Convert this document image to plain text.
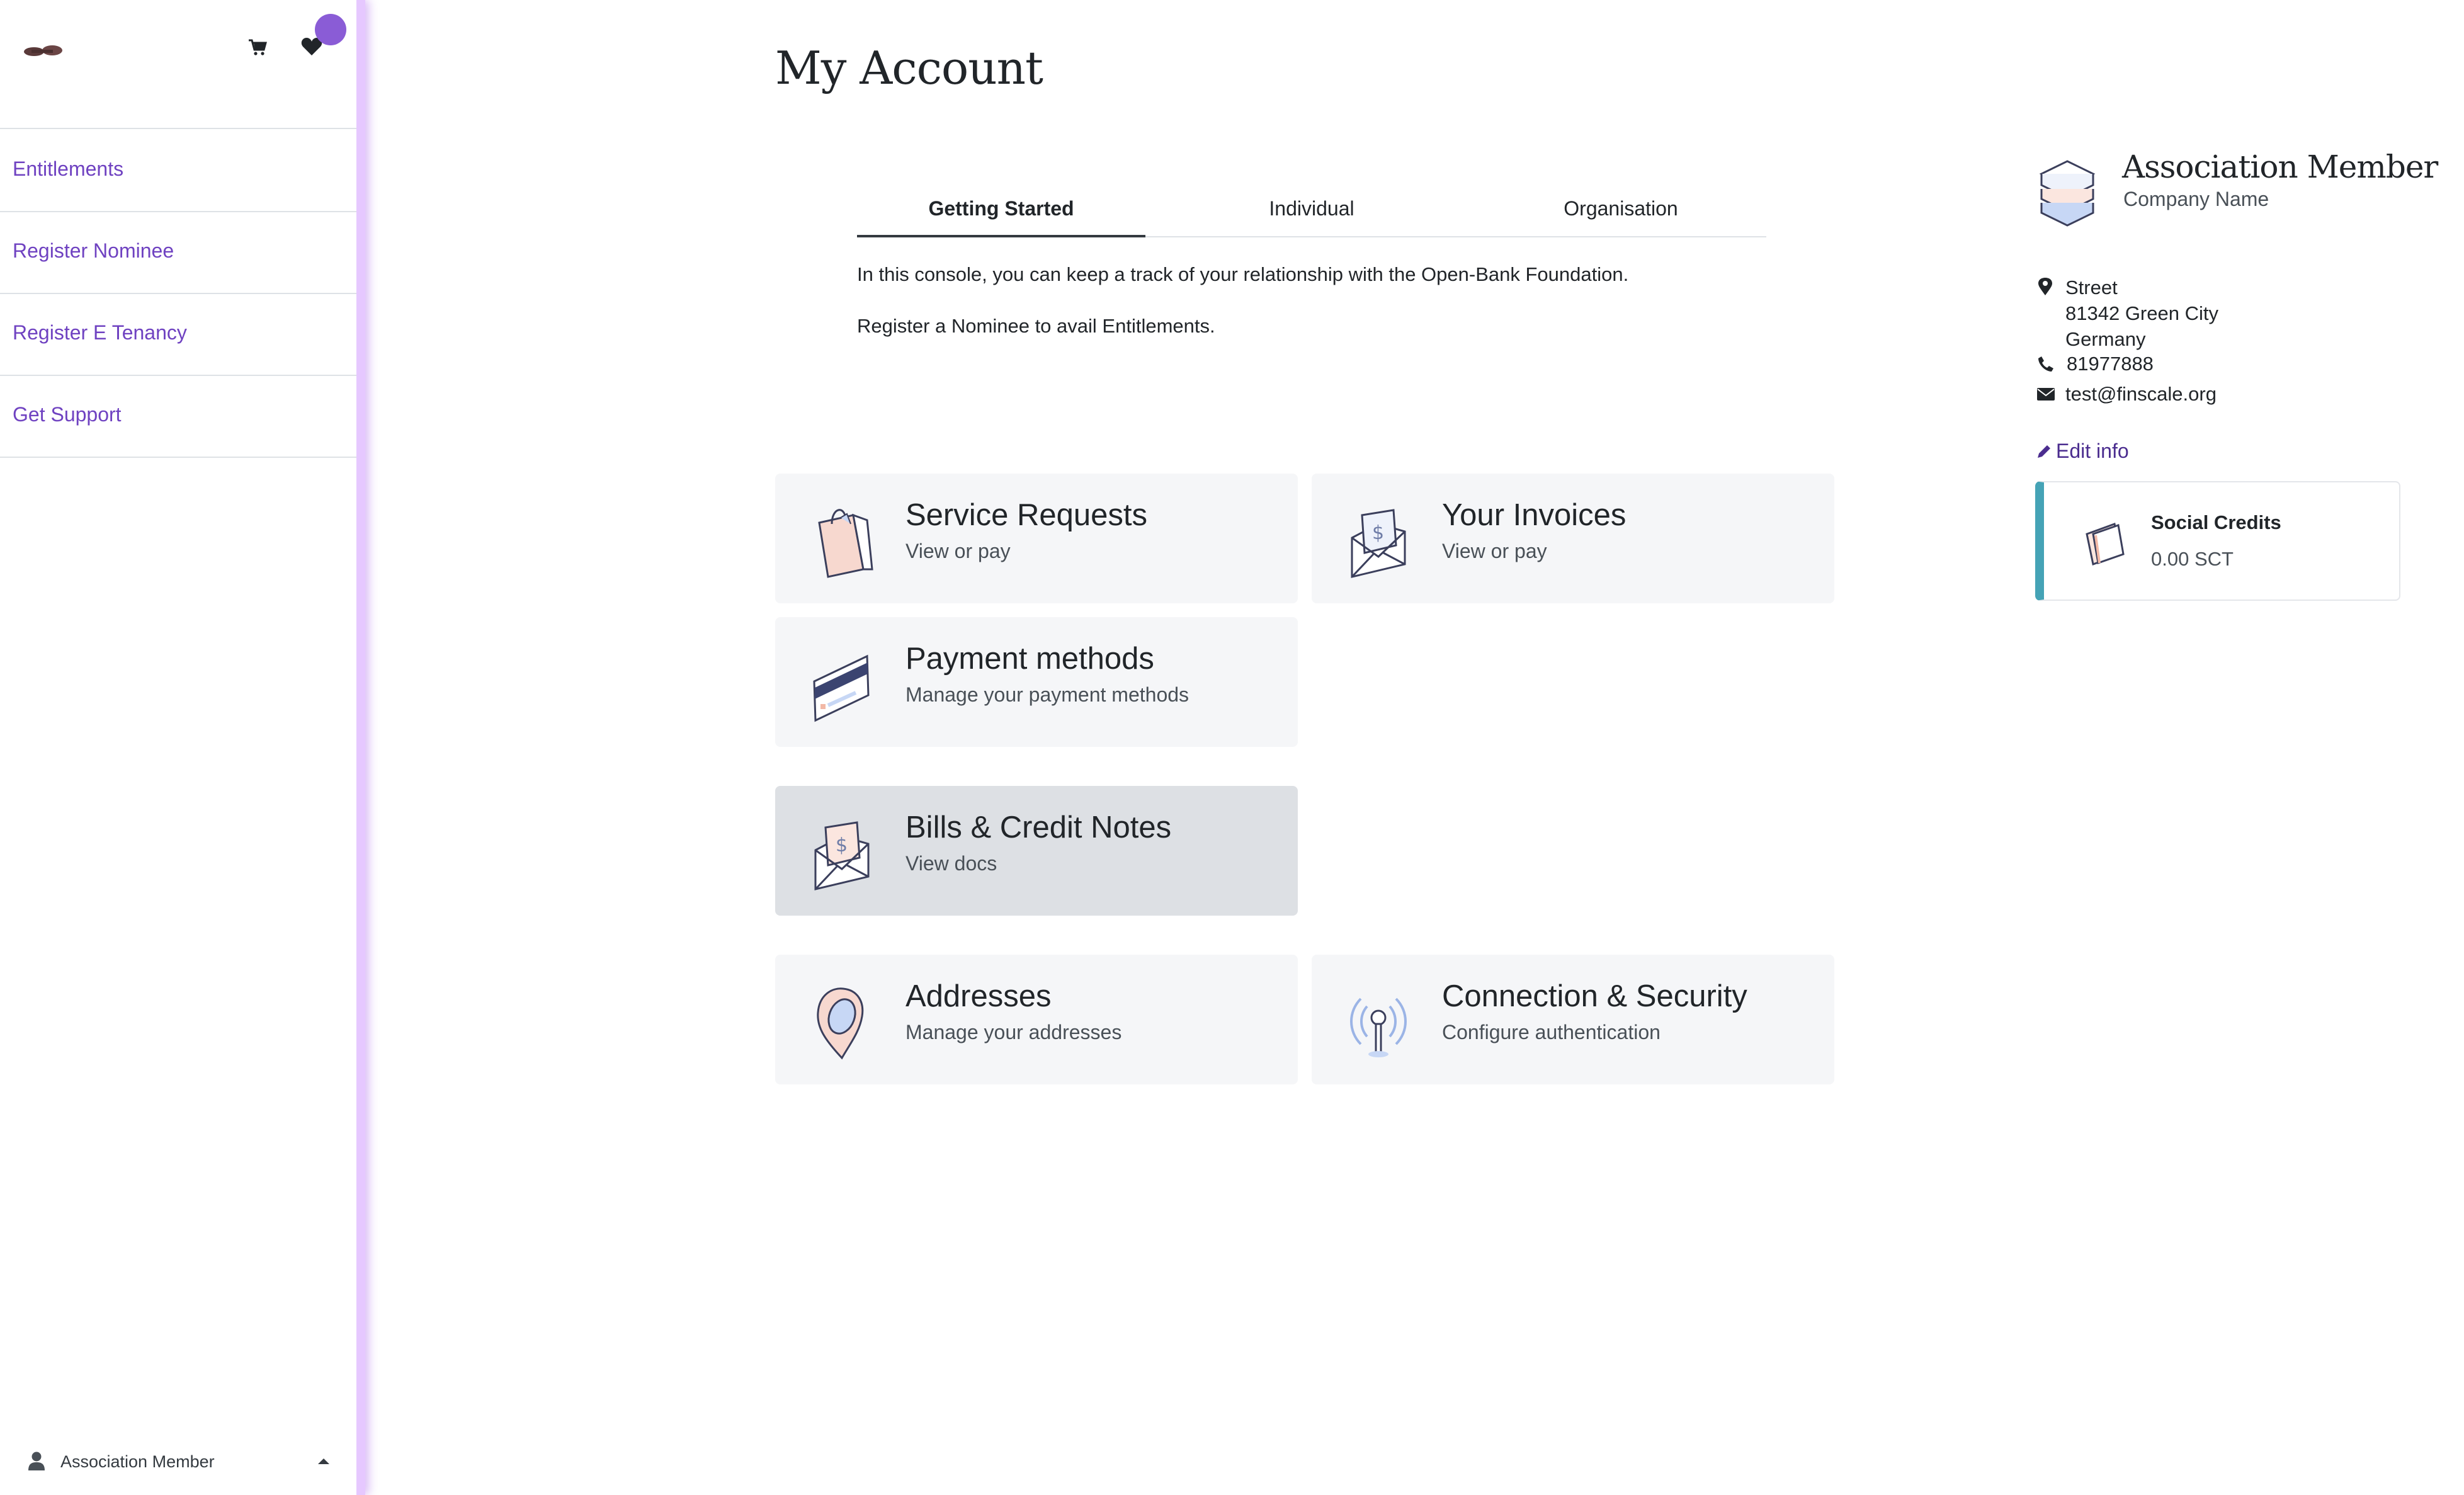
Entitlements
Register Nominee
Register E Tenancy
Get Support
Association Member
My Account
Getting Started	Individual	Organisation

In this console, you can keep a track of your relationship with the Open-Bank Foundation.

Register a Nominee to avail Entitlements.

Service Requests
View or pay
$
Your Invoices
View or pay
Payment methods
Manage your payment methods
$
Bills & Credit Notes
View docs
Addresses
Manage your addresses
Connection & Security
Configure authentication
Association Member
Company Name
Street
81342 Green City
Germany
81977888
test@finscale.org
Edit info
Social Credits
0.00 SCT
